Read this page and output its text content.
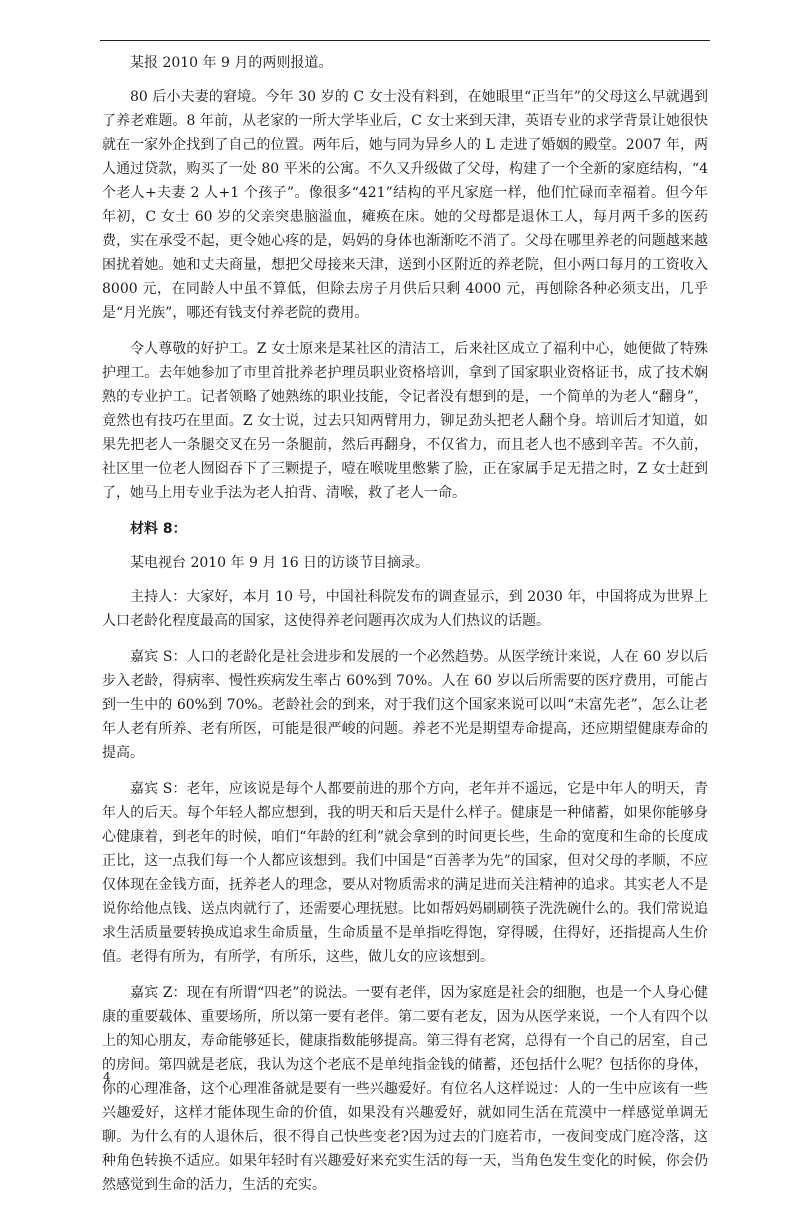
某报 2010 年 9 月的两则报道。

80 后小夫妻的窘境。今年 30 岁的 C 女士没有料到，在她眼里“正当年”的父母这么早就遇到了养老难题。8 年前，从老家的一所大学毕业后，C 女士来到天津，英语专业的求学背景让她很快就在一家外企找到了自己的位置。两年后，她与同为异乡人的 L 走进了婚姻的殿堂。2007 年，两人通过贷款，购买了一处 80 平米的公寓。不久又升级做了父母，构建了一个全新的家庭结构，“4 个老人+夫妻 2 人+1 个孩子”。像很多“421”结构的平凡家庭一样，他们忙碌而幸福着。但今年年初，C 女士 60 岁的父亲突患脑溢血，瘫痪在床。她的父母都是退休工人，每月两千多的医药费，实在承受不起，更令她心疼的是，妈妈的身体也渐渐吃不消了。父母在哪里养老的问题越来越困扰着她。她和丈夫商量，想把父母接来天津，送到小区附近的养老院，但小两口每月的工资收入 8000 元，在同龄人中虽不算低，但除去房子月供后只剩 4000 元，再刨除各种必须支出，几乎是“月光族”，哪还有钱支付养老院的费用。

令人尊敬的好护工。Z 女士原来是某社区的清洁工，后来社区成立了福利中心，她便做了特殊护理工。去年她参加了市里首批养老护理员职业资格培训，拿到了国家职业资格证书，成了技术娴熟的专业护工。记者领略了她熟练的职业技能，令记者没有想到的是，一个简单的为老人“翻身”，竟然也有技巧在里面。Z 女士说，过去只知两臂用力，铆足劲头把老人翻个身。培训后才知道，如果先把老人一条腿交叉在另一条腿前，然后再翻身，不仅省力，而且老人也不感到辛苦。不久前，社区里一位老人囫囵吞下了三颗提子，噎在喉咙里憋紫了脸，正在家属手足无措之时，Z 女士赶到了，她马上用专业手法为老人拍背、清喉，救了老人一命。

材料 8：

某电视台 2010 年 9 月 16 日的访谈节目摘录。

主持人：大家好，本月 10 号，中国社科院发布的调查显示，到 2030 年，中国将成为世界上人口老龄化程度最高的国家，这使得养老问题再次成为人们热议的话题。

嘉宾 S：人口的老龄化是社会进步和发展的一个必然趋势。从医学统计来说，人在 60 岁以后步入老龄，得病率、慢性疾病发生率占 60%到 70%。人在 60 岁以后所需要的医疗费用，可能占到一生中的 60%到 70%。老龄社会的到来，对于我们这个国家来说可以叫“未富先老”，怎么让老年人老有所养、老有所医，可能是很严峻的问题。养老不光是期望寿命提高，还应期望健康寿命的提高。

嘉宾 S：老年，应该说是每个人都要前进的那个方向，老年并不遥远，它是中年人的明天，青年人的后天。每个年轻人都应想到，我的明天和后天是什么样子。健康是一种储蓄，如果你能够身心健康着，到老年的时候，咱们“年龄的红利”就会拿到的时间更长些，生命的宽度和生命的长度成正比，这一点我们每一个人都应该想到。我们中国是“百善孝为先”的国家，但对父母的孝顺，不应仅体现在金钱方面，抚养老人的理念，要从对物质需求的满足进而关注精神的追求。其实老人不是说你给他点钱、送点肉就行了，还需要心理抚慰。比如帮妈妈刷刷筷子洗洗碗什么的。我们常说追求生活质量要转换成追求生命质量，生命质量不是单指吃得饱，穿得暖，住得好，还指提高人生价值。老得有所为，有所学，有所乐，这些，做儿女的应该想到。

嘉宾 Z：现在有所谓“四老”的说法。一要有老伴，因为家庭是社会的细胞，也是一个人身心健康的重要载体、重要场所，所以第一要有老伴。第二要有老友，因为从医学来说，一个人有四个以上的知心朋友，寿命能够延长，健康指数能够提高。第三得有老窝，总得有一个自己的居室，自己的房间。第四就是老底，我认为这个老底不是单纯指金钱的储蓄，还包括什么呢？包括你的身体，你的心理准备，这个心理准备就是要有一些兴趣爱好。有位名人这样说过：人的一生中应该有一些兴趣爱好，这样才能体现生命的价值，如果没有兴趣爱好，就如同生活在荒漠中一样感觉单调无聊。为什么有的人退休后，很不得自己快些变老?因为过去的门庭若市，一夜间变成门庭冷落，这种角色转换不适应。如果年轻时有兴趣爱好来充实生活的每一天，当角色发生变化的时候，你会仍然感觉到生命的活力，生活的充实。

4
